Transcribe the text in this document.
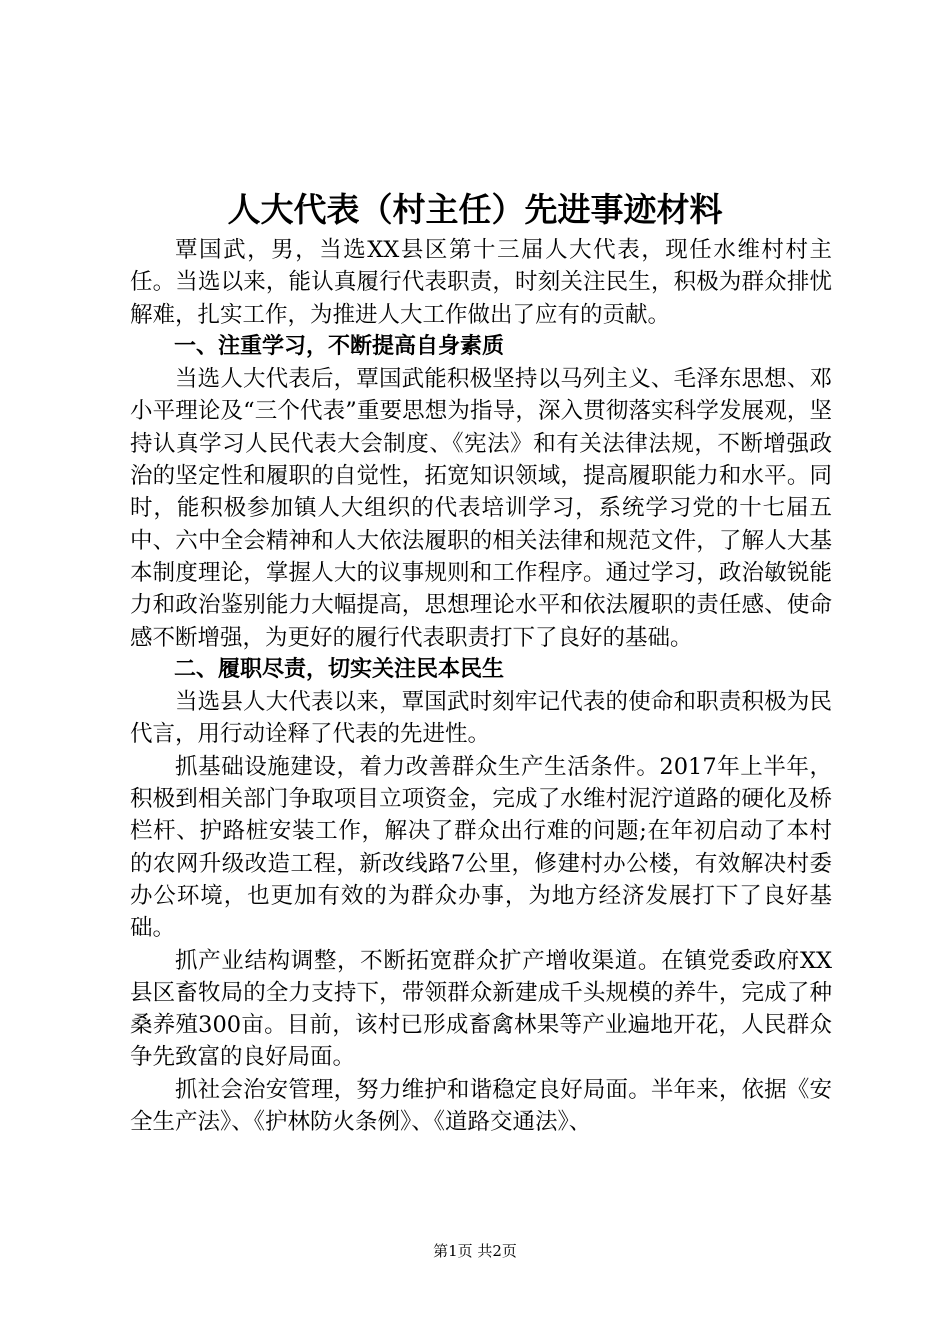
人大代表（村主任）先进事迹材料

覃国武，男，当选XX县区第十三届人大代表，现任水维村村主任。当选以来，能认真履行代表职责，时刻关注民生，积极为群众排忧解难，扎实工作，为推进人大工作做出了应有的贡献。

一、注重学习，不断提高自身素质

当选人大代表后，覃国武能积极坚持以马列主义、毛泽东思想、邓小平理论及“三个代表”重要思想为指导，深入贯彻落实科学发展观，坚持认真学习人民代表大会制度、《宪法》和有关法律法规，不断增强政治的坚定性和履职的自觉性，拓宽知识领域，提高履职能力和水平。同时，能积极参加镇人大组织的代表培训学习，系统学习党的十七届五中、六中全会精神和人大依法履职的相关法律和规范文件，了解人大基本制度理论，掌握人大的议事规则和工作程序。通过学习，政治敏锐能力和政治鉴别能力大幅提高，思想理论水平和依法履职的责任感、使命感不断增强，为更好的履行代表职责打下了良好的基础。

二、履职尽责，切实关注民本民生

当选县人大代表以来，覃国武时刻牢记代表的使命和职责积极为民代言，用行动诠释了代表的先进性。

抓基础设施建设，着力改善群众生产生活条件。2017年上半年，积极到相关部门争取项目立项资金，完成了水维村泥泞道路的硬化及桥栏杆、护路桩安装工作，解决了群众出行难的问题;在年初启动了本村的农网升级改造工程，新改线路7公里，修建村办公楼，有效解决村委办公环境，也更加有效的为群众办事，为地方经济发展打下了良好基础。

抓产业结构调整，不断拓宽群众扩产增收渠道。在镇党委政府XX县区畜牧局的全力支持下，带领群众新建成千头规模的养牛，完成了种桑养殖300亩。目前，该村已形成畜禽林果等产业遍地开花，人民群众争先致富的良好局面。

抓社会治安管理，努力维护和谐稳定良好局面。半年来，依据《安全生产法》、《护林防火条例》、《道路交通法》、

第1页 共2页
